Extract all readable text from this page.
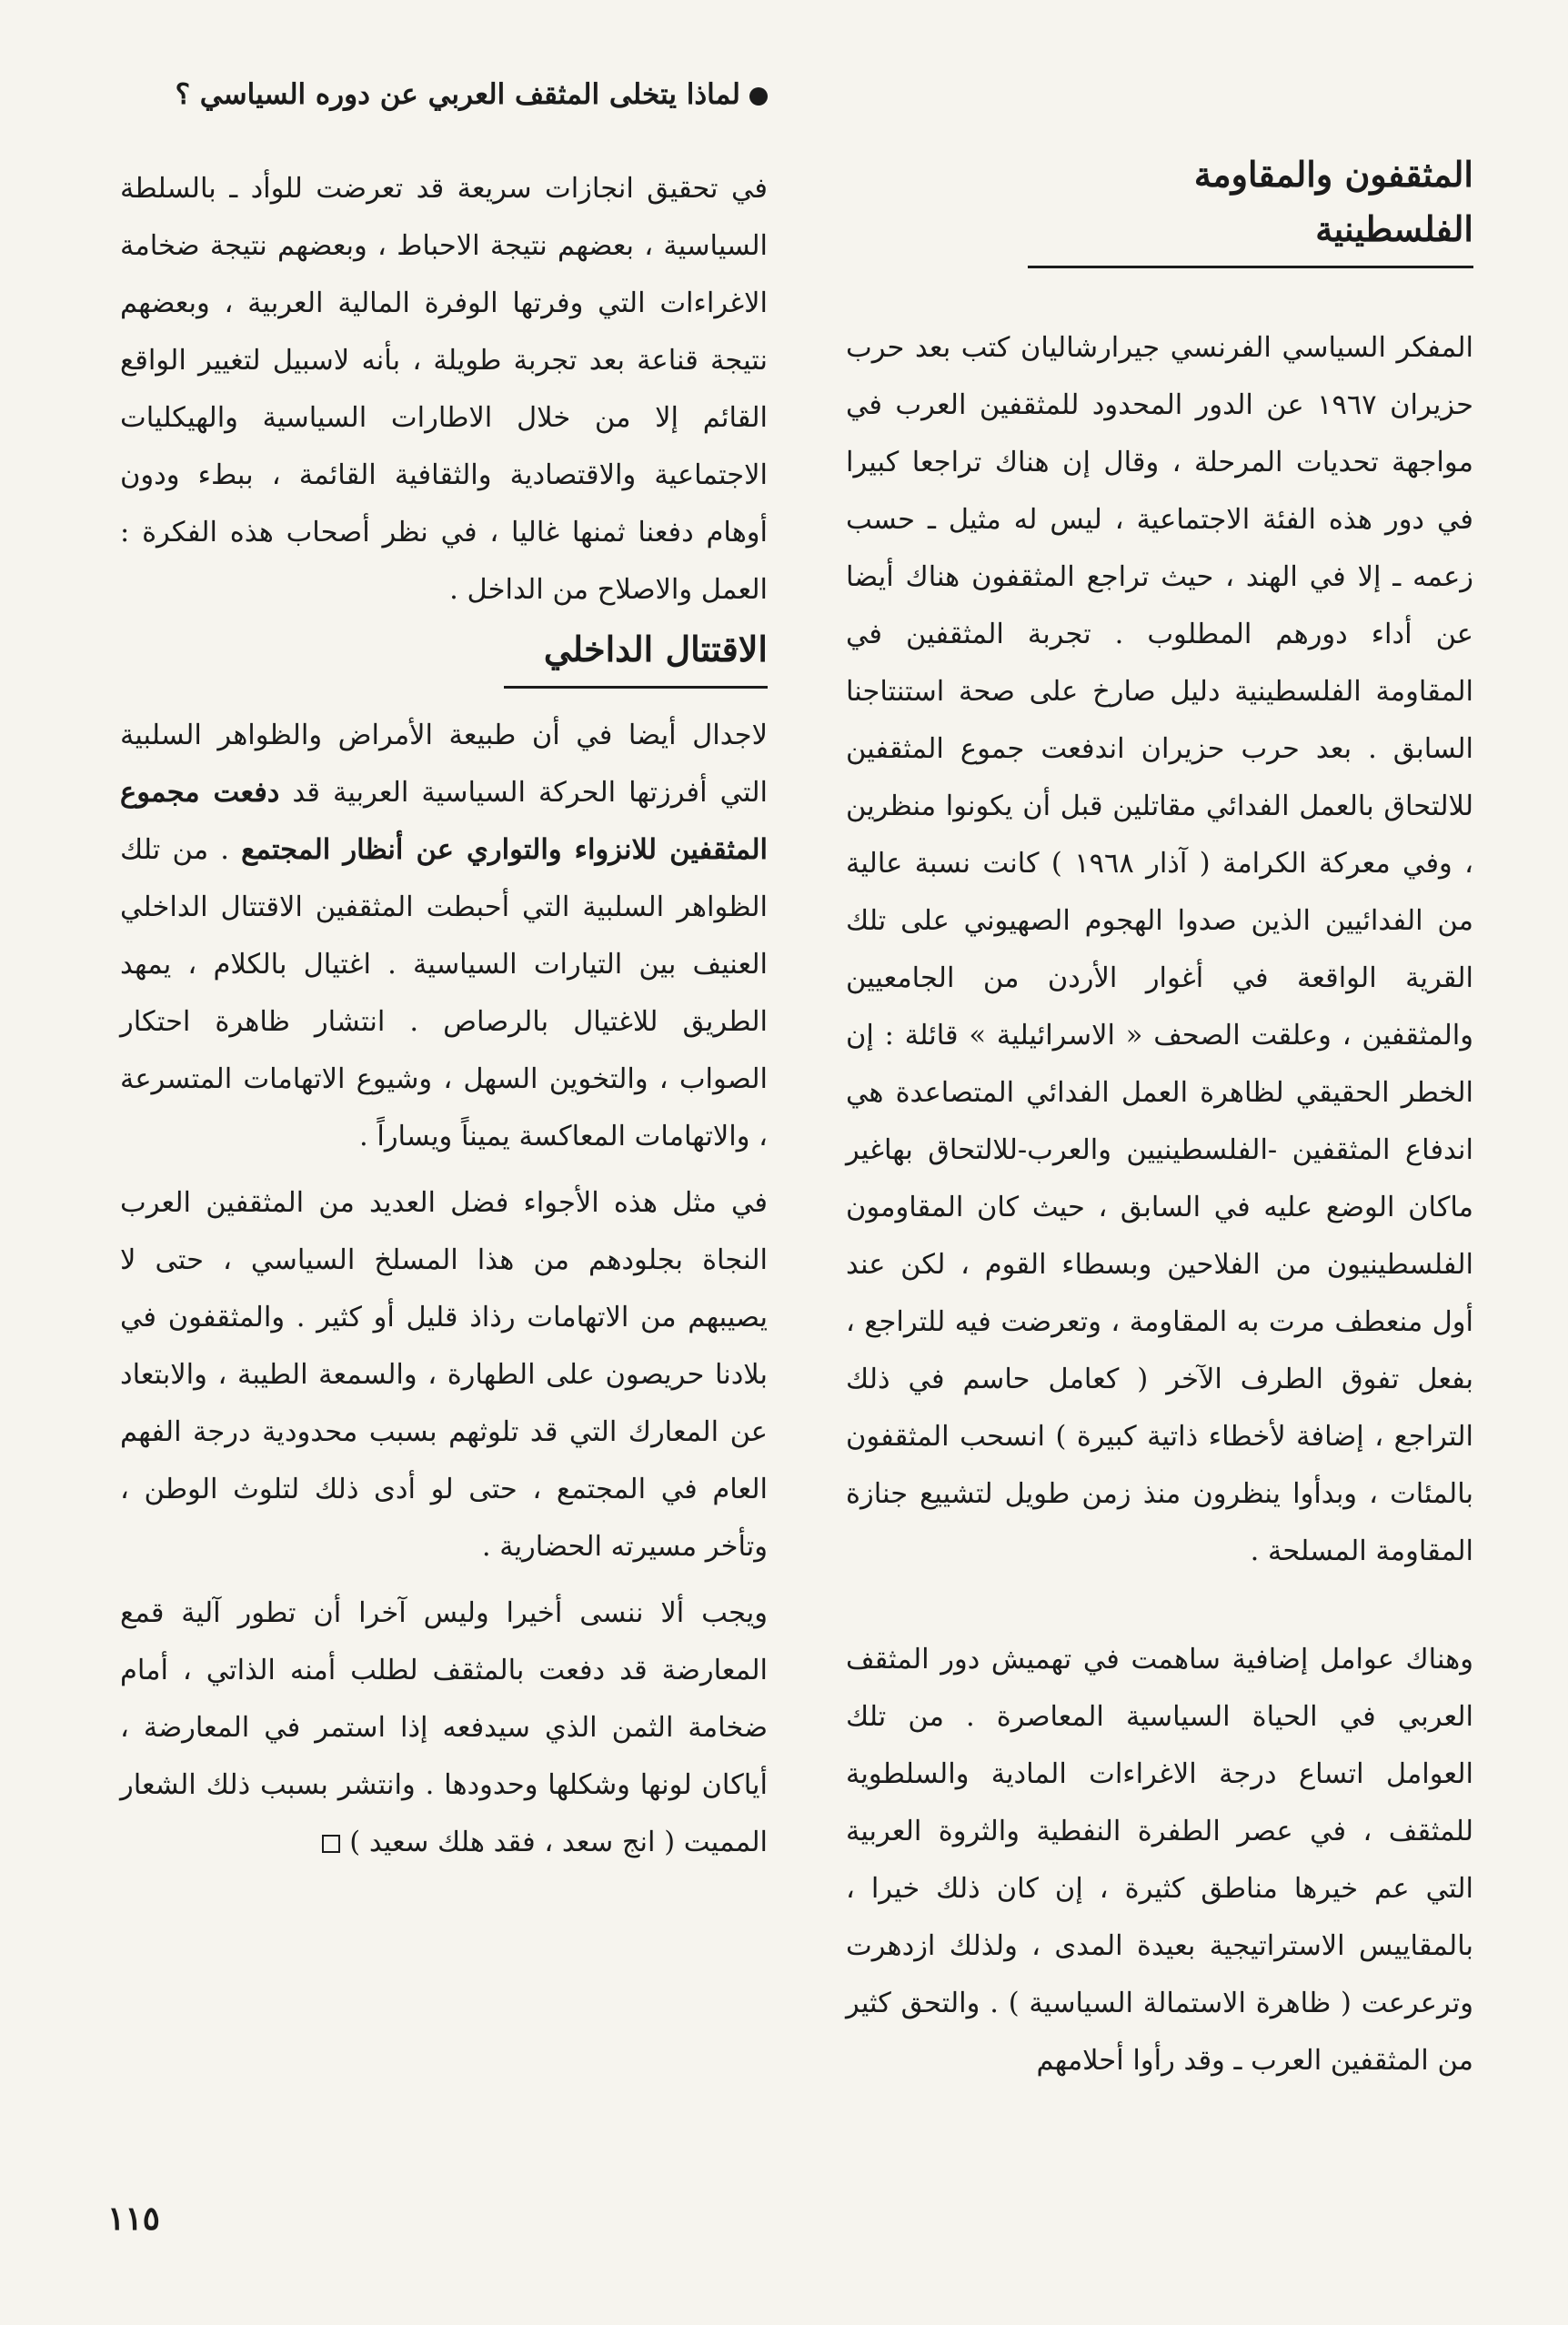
لماذا يتخلى المثقف العربي عن دوره السياسي ؟
المثقفون والمقاومة الفلسطينية

المفكر السياسي الفرنسي جيرارشاليان كتب بعد حرب حزيران ١٩٦٧ عن الدور المحدود للمثقفين العرب في مواجهة تحديات المرحلة ، وقال إن هناك تراجعا كبيرا في دور هذه الفئة الاجتماعية ، ليس له مثيل ـ حسب زعمه ـ إلا في الهند ، حيث تراجع المثقفون هناك أيضا عن أداء دورهم المطلوب . تجربة المثقفين في المقاومة الفلسطينية دليل صارخ على صحة استنتاجنا السابق . بعد حرب حزيران اندفعت جموع المثقفين للالتحاق بالعمل الفدائي مقاتلين قبل أن يكونوا منظرين ، وفي معركة الكرامة ( آذار ١٩٦٨ ) كانت نسبة عالية من الفدائيين الذين صدوا الهجوم الصهيوني على تلك القرية الواقعة في أغوار الأردن من الجامعيين والمثقفين ، وعلقت الصحف « الاسرائيلية » قائلة : إن الخطر الحقيقي لظاهرة العمل الفدائي المتصاعدة هي اندفاع المثقفين -الفلسطينيين والعرب-للالتحاق بهاغير ماكان الوضع عليه في السابق ، حيث كان المقاومون الفلسطينيون من الفلاحين وبسطاء القوم ، لكن عند أول منعطف مرت به المقاومة ، وتعرضت فيه للتراجع ، بفعل تفوق الطرف الآخر ( كعامل حاسم في ذلك التراجع ، إضافة لأخطاء ذاتية كبيرة ) انسحب المثقفون بالمئات ، وبدأوا ينظرون منذ زمن طويل لتشييع جنازة المقاومة المسلحة .

وهناك عوامل إضافية ساهمت في تهميش دور المثقف العربي في الحياة السياسية المعاصرة . من تلك العوامل اتساع درجة الاغراءات المادية والسلطوية للمثقف ، في عصر الطفرة النفطية والثروة العربية التي عم خيرها مناطق كثيرة ، إن كان ذلك خيرا ، بالمقاييس الاستراتيجية بعيدة المدى ، ولذلك ازدهرت وترعرعت ( ظاهرة الاستمالة السياسية ) . والتحق كثير من المثقفين العرب ـ وقد رأوا أحلامهم

في تحقيق انجازات سريعة قد تعرضت للوأد ـ بالسلطة السياسية ، بعضهم نتيجة الاحباط ، وبعضهم نتيجة ضخامة الاغراءات التي وفرتها الوفرة المالية العربية ، وبعضهم نتيجة قناعة بعد تجربة طويلة ، بأنه لاسبيل لتغيير الواقع القائم إلا من خلال الاطارات السياسية والهيكليات الاجتماعية والاقتصادية والثقافية القائمة ، ببطء ودون أوهام دفعنا ثمنها غاليا ، في نظر أصحاب هذه الفكرة : العمل والاصلاح من الداخل .

الاقتتال الداخلي

لاجدال أيضا في أن طبيعة الأمراض والظواهر السلبية التي أفرزتها الحركة السياسية العربية قد دفعت مجموع المثقفين للانزواء والتواري عن أنظار المجتمع . من تلك الظواهر السلبية التي أحبطت المثقفين الاقتتال الداخلي العنيف بين التيارات السياسية . اغتيال بالكلام ، يمهد الطريق للاغتيال بالرصاص . انتشار ظاهرة احتكار الصواب ، والتخوين السهل ، وشيوع الاتهامات المتسرعة ، والاتهامات المعاكسة يميناً ويساراً .

في مثل هذه الأجواء فضل العديد من المثقفين العرب النجاة بجلودهم من هذا المسلخ السياسي ، حتى لا يصيبهم من الاتهامات رذاذ قليل أو كثير . والمثقفون في بلادنا حريصون على الطهارة ، والسمعة الطيبة ، والابتعاد عن المعارك التي قد تلوثهم بسبب محدودية درجة الفهم العام في المجتمع ، حتى لو أدى ذلك لتلوث الوطن ، وتأخر مسيرته الحضارية .

ويجب ألا ننسى أخيرا وليس آخرا أن تطور آلية قمع المعارضة قد دفعت بالمثقف لطلب أمنه الذاتي ، أمام ضخامة الثمن الذي سيدفعه إذا استمر في المعارضة ، أياكان لونها وشكلها وحدودها . وانتشر بسبب ذلك الشعار المميت ( انج سعد ، فقد هلك سعيد )

١١٥
